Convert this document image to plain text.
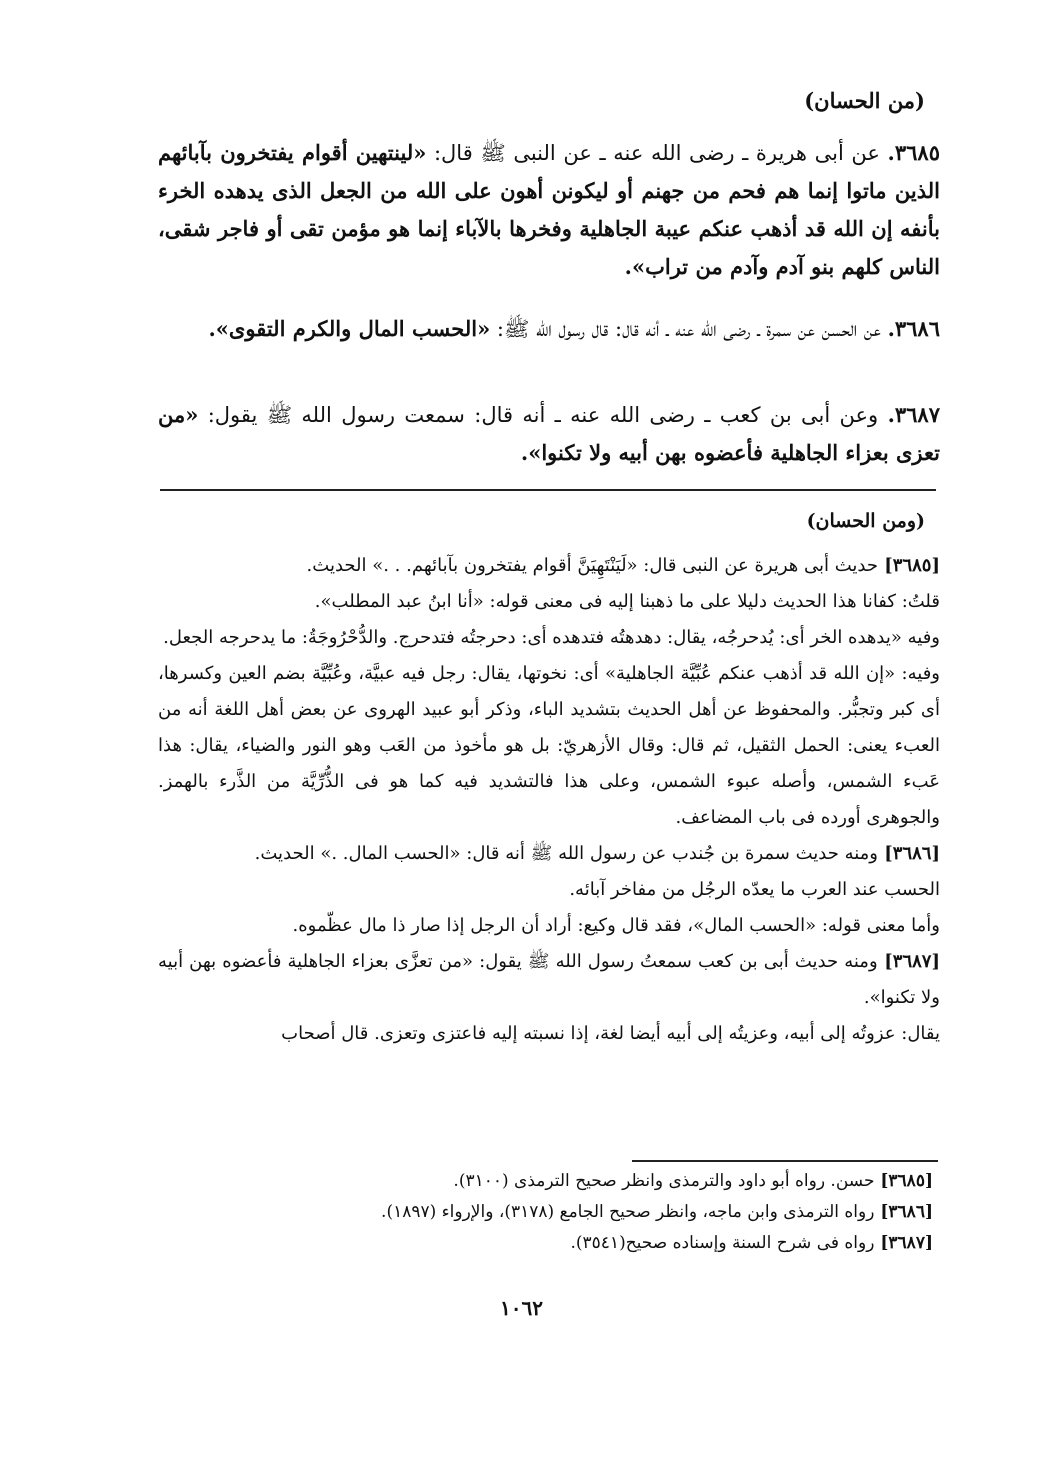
(من الحسان)
٣٦٨٥. عن أبى هريرة ـ رضى الله عنه ـ عن النبى ﷺ قال: «لينتهين أقوام يفتخرون بآبائهم الذين ماتوا إنما هم فحم من جهنم أو ليكونن أهون على الله من الجعل الذى يدهده الخرء بأنفه إن الله قد أذهب عنكم عيبة الجاهلية وفخرها بالآباء إنما هو مؤمن تقى أو فاجر شقى، الناس كلهم بنو آدم وآدم من تراب».
٣٦٨٦. عن الحسن عن سمرة ـ رضى الله عنه ـ أنه قال: قال رسول الله ﷺ: «الحسب المال والكرم التقوى».
٣٦٨٧. وعن أبى بن كعب ـ رضى الله عنه ـ أنه قال: سمعت رسول الله ﷺ يقول: «من تعزى بعزاء الجاهلية فأعضوه بهن أبيه ولا تكنوا».
(ومن الحسان)
[٣٦٨٥] حديث أبى هريرة عن النبى قال: «لَيَنْتَهِيَنَّ أقوام يفتخرون بآبائهم. . .» الحديث.
قلتُ: كفانا هذا الحديث دليلا على ما ذهبنا إليه فى معنى قوله: «أنا ابنُ عبد المطلب».
وفيه «يدهده الخر أى: يُدحرجُه، يقال: دهدهتُه فتدهده أى: دحرجتُه فتدحرج. والدُّحْرُوجَةُ: ما يدحرجه الجعل.
وفيه: «إن الله قد أذهب عنكم عُبِّيَّة الجاهلية» أى: نخوتها، يقال: رجل فيه عبيَّة، وعُبِّيَّة بضم العين وكسرها، أى كبر وتجبُّر. والمحفوظ عن أهل الحديث بتشديد الباء، وذكر أبو عبيد الهروى عن بعض أهل اللغة أنه من العبء يعنى: الحمل الثقيل، ثم قال: وقال الأزهريّ: بل هو مأخوذ من العَب وهو النور والضياء، يقال: هذا عَبء الشمس، وأصله عبوء الشمس، وعلى هذا فالتشديد فيه كما هو فى الذُّرِّيَّة من الذَّرء بالهمز. والجوهرى أورده فى باب المضاعف.
[٣٦٨٦] ومنه حديث سمرة بن جُندب عن رسول الله ﷺ أنه قال: «الحسب المال. .» الحديث.
الحسب عند العرب ما يعدّه الرجُل من مفاخر آبائه.
وأما معنى قوله: «الحسب المال»، فقد قال وكيع: أراد أن الرجل إذا صار ذا مال عظّموه.
[٣٦٨٧] ومنه حديث أبى بن كعب سمعتُ رسول الله ﷺ يقول: «من تعزَّى بعزاء الجاهلية فأعضوه بهن أبيه ولا تكنوا».
يقال: عزوتُه إلى أبيه، وعزيتُه إلى أبيه أيضا لغة، إذا نسبته إليه فاعتزى وتعزى. قال أصحاب
[٣٦٨٥] حسن. رواه أبو داود والترمذى وانظر صحيح الترمذى (٣١٠٠).
[٣٦٨٦] رواه الترمذى وابن ماجه، وانظر صحيح الجامع (٣١٧٨)، والإرواء (١٨٩٧).
[٣٦٨٧] رواه فى شرح السنة وإسناده صحيح(٣٥٤١).
١٠٦٢
